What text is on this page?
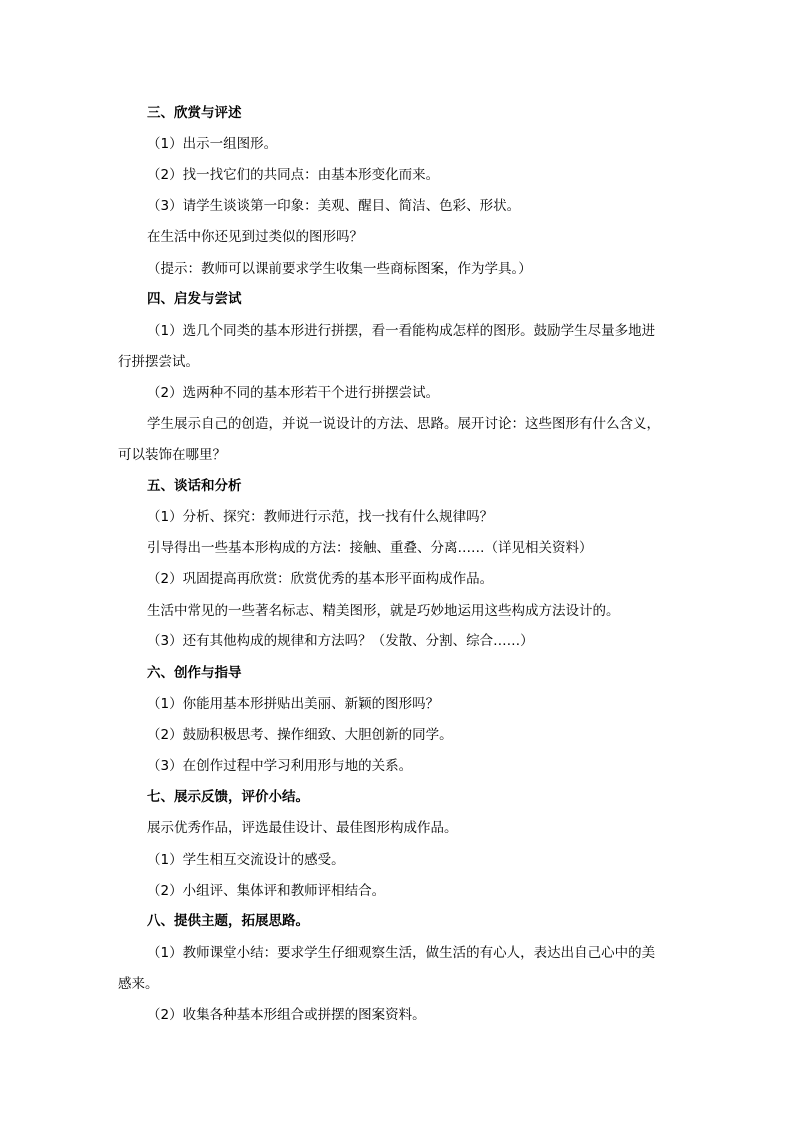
三、欣赏与评述
（1）出示一组图形。
（2）找一找它们的共同点：由基本形变化而来。
（3）请学生谈谈第一印象：美观、醒目、简洁、色彩、形状。
在生活中你还见到过类似的图形吗？
（提示：教师可以课前要求学生收集一些商标图案，作为学具。）
四、启发与尝试
（1）选几个同类的基本形进行拼摆，看一看能构成怎样的图形。鼓励学生尽量多地进
行拼摆尝试。
（2）选两种不同的基本形若干个进行拼摆尝试。
学生展示自己的创造，并说一说设计的方法、思路。展开讨论：这些图形有什么含义，
可以装饰在哪里？
五、谈话和分析
（1）分析、探究：教师进行示范，找一找有什么规律吗？
引导得出一些基本形构成的方法：接触、重叠、分离……（详见相关资料）
（2）巩固提高再欣赏：欣赏优秀的基本形平面构成作品。
生活中常见的一些著名标志、精美图形，就是巧妙地运用这些构成方法设计的。
（3）还有其他构成的规律和方法吗？（发散、分割、综合……）
六、创作与指导
（1）你能用基本形拼贴出美丽、新颖的图形吗？
（2）鼓励积极思考、操作细致、大胆创新的同学。
（3）在创作过程中学习利用形与地的关系。
七、展示反馈，评价小结。
展示优秀作品，评选最佳设计、最佳图形构成作品。
（1）学生相互交流设计的感受。
（2）小组评、集体评和教师评相结合。
八、提供主题，拓展思路。
（1）教师课堂小结：要求学生仔细观察生活，做生活的有心人，表达出自己心中的美
感来。
（2）收集各种基本形组合或拼摆的图案资料。
